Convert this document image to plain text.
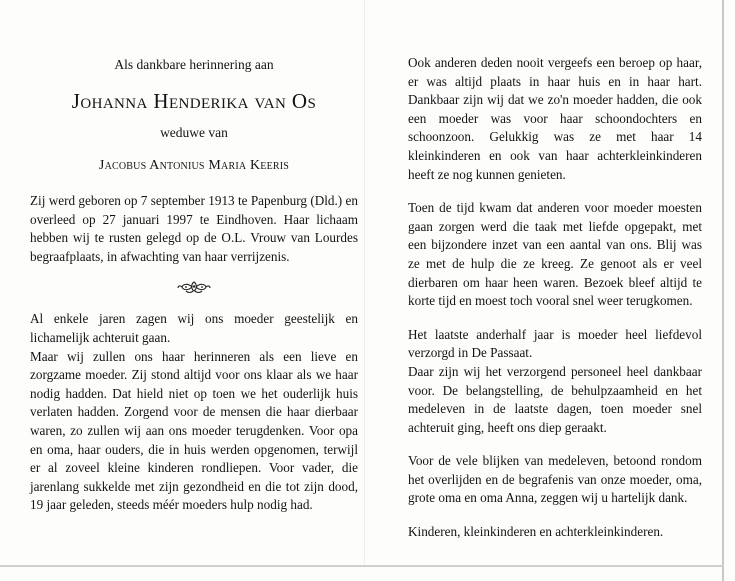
Als dankbare herinnering aan
Johanna Henderika van Os
weduwe van
Jacobus Antonius Maria Keeris

Zij werd geboren op 7 september 1913 te Papenburg (Dld.) en overleed op 27 januari 1997 te Eindhoven. Haar lichaam hebben wij te rusten gelegd op de O.L. Vrouw van Lourdes begraafplaats, in afwachting van haar verrijzenis.

Al enkele jaren zagen wij ons moeder geestelijk en lichamelijk achteruit gaan.

Maar wij zullen ons haar herinneren als een lieve en zorgzame moeder. Zij stond altijd voor ons klaar als we haar nodig hadden. Dat hield niet op toen we het ouderlijk huis verlaten hadden. Zorgend voor de mensen die haar dierbaar waren, zo zullen wij aan ons moeder terugdenken. Voor opa en oma, haar ouders, die in huis werden opgenomen, terwijl er al zoveel kleine kinderen rondliepen. Voor vader, die jarenlang sukkelde met zijn gezondheid en die tot zijn dood, 19 jaar geleden, steeds méér moeders hulp nodig had.

Ook anderen deden nooit vergeefs een beroep op haar, er was altijd plaats in haar huis en in haar hart. Dankbaar zijn wij dat we zo'n moeder hadden, die ook een moeder was voor haar schoondochters en schoonzoon. Gelukkig was ze met haar 14 kleinkinderen en ook van haar achterkleinkinderen heeft ze nog kunnen genieten.

Toen de tijd kwam dat anderen voor moeder moesten gaan zorgen werd die taak met liefde opgepakt, met een bijzondere inzet van een aantal van ons. Blij was ze met de hulp die ze kreeg. Ze genoot als er veel dierbaren om haar heen waren. Bezoek bleef altijd te korte tijd en moest toch vooral snel weer terugkomen.

Het laatste anderhalf jaar is moeder heel liefdevol verzorgd in De Passaat.

Daar zijn wij het verzorgend personeel heel dankbaar voor. De belangstelling, de behulpzaamheid en het medeleven in de laatste dagen, toen moeder snel achteruit ging, heeft ons diep geraakt.

Voor de vele blijken van medeleven, betoond rondom het overlijden en de begrafenis van onze moeder, oma, grote oma en oma Anna, zeggen wij u hartelijk dank.

Kinderen, kleinkinderen en achterkleinkinderen.
